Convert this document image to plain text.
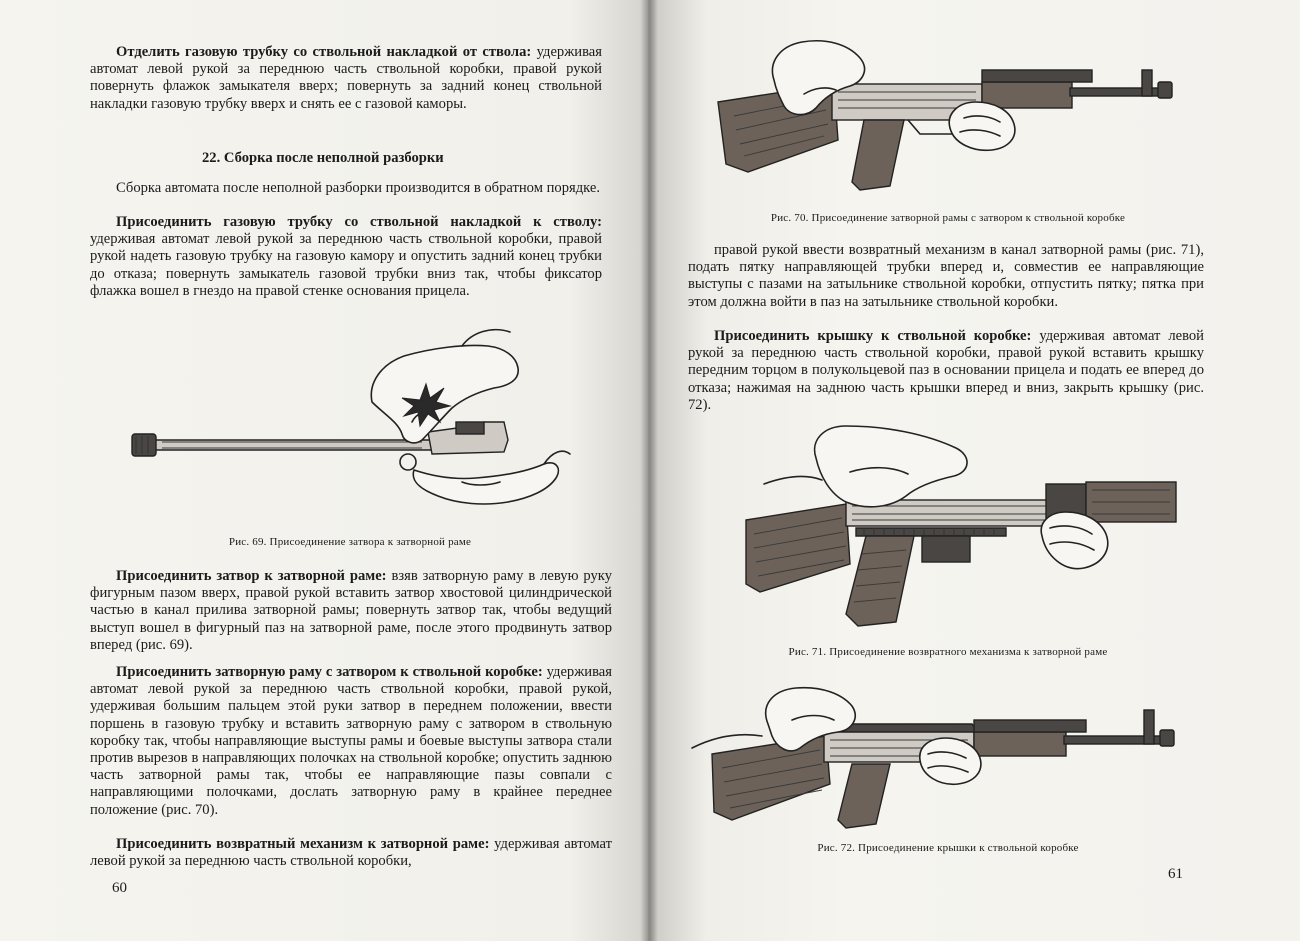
Отделить газовую трубку со ствольной накладкой от ствола: удерживая автомат левой рукой за переднюю часть ствольной коробки, правой рукой повернуть флажок замыкателя вверх; повернуть за задний конец ствольной накладки газовую трубку вверх и снять ее с газовой каморы.

22. Сборка после неполной разборки

Сборка автомата после неполной разборки производится в обратном порядке.

Присоединить газовую трубку со ствольной накладкой к стволу: удерживая автомат левой рукой за переднюю часть ствольной коробки, правой рукой надеть газовую трубку на газовую камору и опустить задний конец трубки до отказа; повернуть замыкатель газовой трубки вниз так, чтобы фиксатор флажка вошел в гнездо на правой стенке основания прицела.

Рис. 69. Присоединение затвора к затворной раме

Присоединить затвор к затворной раме: взяв затворную раму в левую руку фигурным пазом вверх, правой рукой вставить затвор хвостовой цилиндрической частью в канал прилива затворной рамы; повернуть затвор так, чтобы ведущий выступ вошел в фигурный паз на затворной раме, после этого продвинуть затвор вперед (рис. 69).

Присоединить затворную раму с затвором к ствольной коробке: удерживая автомат левой рукой за переднюю часть ствольной коробки, правой рукой, удерживая большим пальцем этой руки затвор в переднем положении, ввести поршень в газовую трубку и вставить затворную раму с затвором в ствольную коробку так, чтобы направляющие выступы рамы и боевые выступы затвора стали против вырезов в направляющих полочках на ствольной коробке; опустить заднюю часть затворной рамы так, чтобы ее направляющие пазы совпали с направляющими полочками, дослать затворную раму в крайнее переднее положение (рис. 70).

Присоединить возвратный механизм к затворной раме: удерживая автомат левой рукой за переднюю часть ствольной коробки,

60
Рис. 70. Присоединение затворной рамы с затвором к ствольной коробке

правой рукой ввести возвратный механизм в канал затворной рамы (рис. 71), подать пятку направляющей трубки вперед и, совместив ее направляющие выступы с пазами на затыльнике ствольной коробки, отпустить пятку; пятка при этом должна войти в паз на затыльнике ствольной коробки.

Присоединить крышку к ствольной коробке: удерживая автомат левой рукой за переднюю часть ствольной коробки, правой рукой вставить крышку передним торцом в полукольцевой паз в основании прицела и подать ее вперед до отказа; нажимая на заднюю часть крышки вперед и вниз, закрыть крышку (рис. 72).

Рис. 71. Присоединение возвратного механизма к затворной раме
Рис. 72. Присоединение крышки к ствольной коробке
61
